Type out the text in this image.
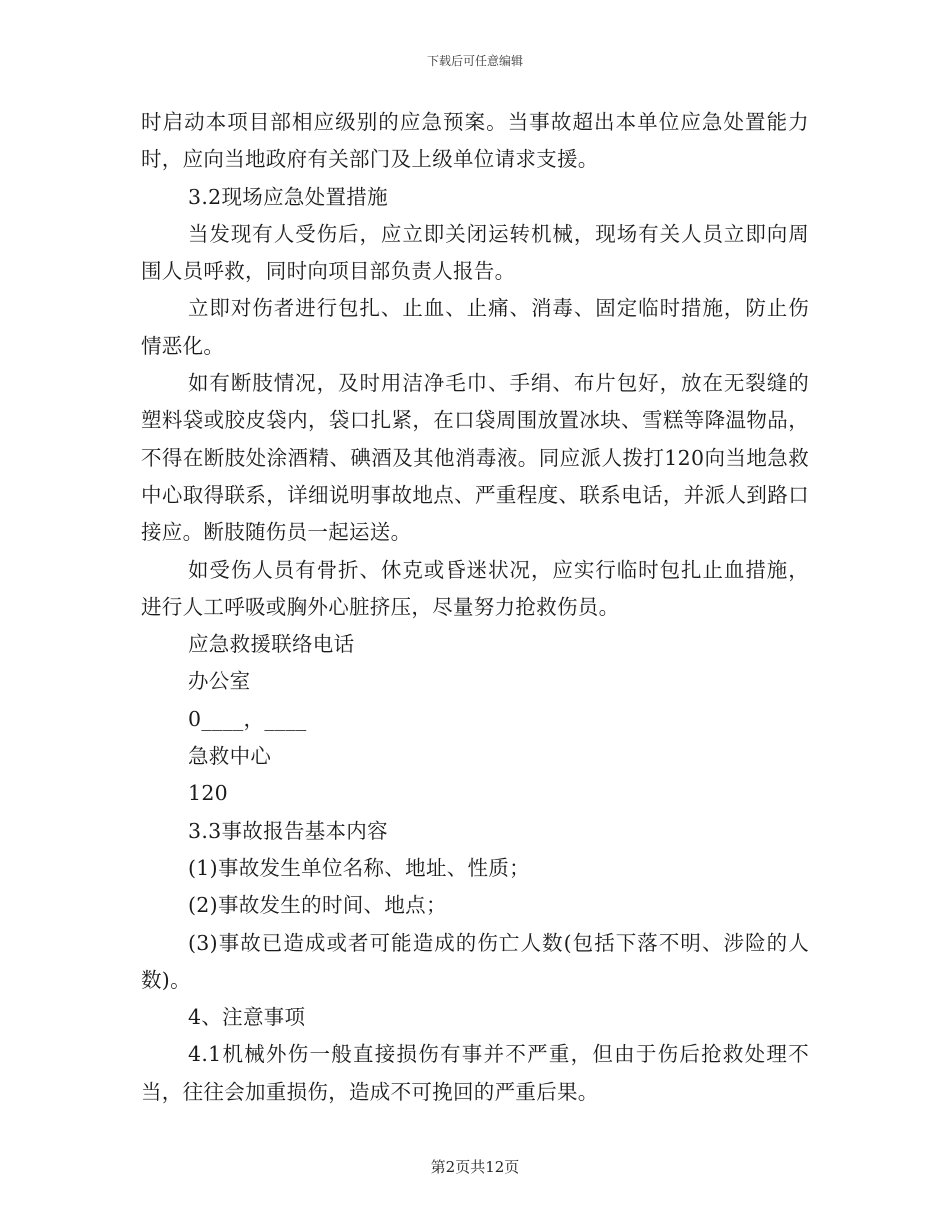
下载后可任意编辑

时启动本项目部相应级别的应急预案。当事故超出本单位应急处置能力时，应向当地政府有关部门及上级单位请求支援。

3.2现场应急处置措施

当发现有人受伤后，应立即关闭运转机械，现场有关人员立即向周围人员呼救，同时向项目部负责人报告。

立即对伤者进行包扎、止血、止痛、消毒、固定临时措施，防止伤情恶化。

如有断肢情况，及时用洁净毛巾、手绢、布片包好，放在无裂缝的塑料袋或胶皮袋内，袋口扎紧，在口袋周围放置冰块、雪糕等降温物品，不得在断肢处涂酒精、碘酒及其他消毒液。同应派人拨打120向当地急救中心取得联系，详细说明事故地点、严重程度、联系电话，并派人到路口接应。断肢随伤员一起运送。

如受伤人员有骨折、休克或昏迷状况，应实行临时包扎止血措施，进行人工呼吸或胸外心脏挤压，尽量努力抢救伤员。

应急救援联络电话

办公室

0____，____

急救中心

120

3.3事故报告基本内容

(1)事故发生单位名称、地址、性质；

(2)事故发生的时间、地点；

(3)事故已造成或者可能造成的伤亡人数(包括下落不明、涉险的人数)。

4、注意事项

4.1机械外伤一般直接损伤有事并不严重，但由于伤后抢救处理不当，往往会加重损伤，造成不可挽回的严重后果。

第2页共12页
